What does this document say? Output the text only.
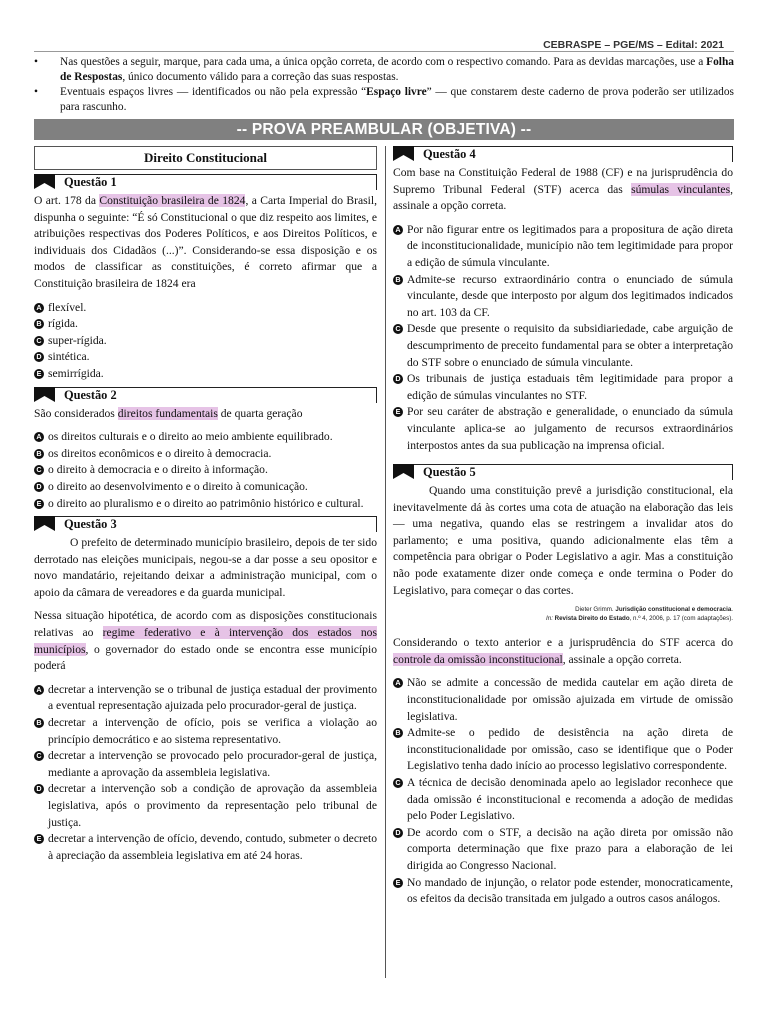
CEBRASPE – PGE/MS – Edital: 2021
• Nas questões a seguir, marque, para cada uma, a única opção correta, de acordo com o respectivo comando. Para as devidas marcações, use a Folha de Respostas, único documento válido para a correção das suas respostas.
• Eventuais espaços livres — identificados ou não pela expressão “Espaço livre” — que constarem deste caderno de prova poderão ser utilizados para rascunho.
-- PROVA PREAMBULAR (OBJETIVA) --
Direito Constitucional
Questão 1

O art. 178 da Constituição brasileira de 1824, a Carta Imperial do Brasil, dispunha o seguinte: “É só Constitucional o que diz respeito aos limites, e atribuições respectivas dos Poderes Políticos, e aos Direitos Políticos, e individuais dos Cidadãos (...)”. Considerando-se essa disposição e os modos de classificar as constituições, é correto afirmar que a Constituição brasileira de 1824 era

A flexível.
B rígida.
C super-rígida.
D sintética.
E semirrígida.
Questão 2

São considerados direitos fundamentais de quarta geração

A os direitos culturais e o direito ao meio ambiente equilibrado.
B os direitos econômicos e o direito à democracia.
C o direito à democracia e o direito à informação.
D o direito ao desenvolvimento e o direito à comunicação.
E o direito ao pluralismo e o direito ao patrimônio histórico e cultural.
Questão 3

O prefeito de determinado município brasileiro, depois de ter sido derrotado nas eleições municipais, negou-se a dar posse a seu opositor e novo mandatário, rejeitando deixar a administração municipal, com o apoio da câmara de vereadores e da guarda municipal.

Nessa situação hipotética, de acordo com as disposições constitucionais relativas ao regime federativo e à intervenção dos estados nos municípios, o governador do estado onde se encontra esse município poderá

A decretar a intervenção se o tribunal de justiça estadual der provimento a eventual representação ajuizada pelo procurador-geral de justiça.
B decretar a intervenção de ofício, pois se verifica a violação ao princípio democrático e ao sistema representativo.
C decretar a intervenção se provocado pelo procurador-geral de justiça, mediante a aprovação da assembleia legislativa.
D decretar a intervenção sob a condição de aprovação da assembleia legislativa, após o provimento da representação pelo tribunal de justiça.
E decretar a intervenção de ofício, devendo, contudo, submeter o decreto à apreciação da assembleia legislativa em até 24 horas.
Questão 4

Com base na Constituição Federal de 1988 (CF) e na jurisprudência do Supremo Tribunal Federal (STF) acerca das súmulas vinculantes, assinale a opção correta.

A Por não figurar entre os legitimados para a propositura de ação direta de inconstitucionalidade, município não tem legitimidade para propor a edição de súmula vinculante.
B Admite-se recurso extraordinário contra o enunciado de súmula vinculante, desde que interposto por algum dos legitimados indicados no art. 103 da CF.
C Desde que presente o requisito da subsidiariedade, cabe arguição de descumprimento de preceito fundamental para se obter a interpretação do STF sobre o enunciado de súmula vinculante.
D Os tribunais de justiça estaduais têm legitimidade para propor a edição de súmulas vinculantes no STF.
E Por seu caráter de abstração e generalidade, o enunciado da súmula vinculante aplica-se ao julgamento de recursos extraordinários interpostos antes da sua publicação na imprensa oficial.
Questão 5

Quando uma constituição prevê a jurisdição constitucional, ela inevitavelmente dá às cortes uma cota de atuação na elaboração das leis — uma negativa, quando elas se restringem a invalidar atos do parlamento; e uma positiva, quando adicionalmente elas têm a competência para obrigar o Poder Legislativo a agir. Mas a constituição não pode exatamente dizer onde começa e onde termina o Poder do Legislativo, para começar o das cortes.

Dieter Grimm. Jurisdição constitucional e democracia.
In: Revista Direito do Estado, n.º 4, 2006, p. 17 (com adaptações).

Considerando o texto anterior e a jurisprudência do STF acerca do controle da omissão inconstitucional, assinale a opção correta.

A Não se admite a concessão de medida cautelar em ação direta de inconstitucionalidade por omissão ajuizada em virtude de omissão legislativa.
B Admite-se o pedido de desistência na ação direta de inconstitucionalidade por omissão, caso se identifique que o Poder Legislativo tenha dado início ao processo legislativo correspondente.
C A técnica de decisão denominada apelo ao legislador reconhece que dada omissão é inconstitucional e recomenda a adoção de medidas pelo Poder Legislativo.
D De acordo com o STF, a decisão na ação direta por omissão não comporta determinação que fixe prazo para a elaboração de lei dirigida ao Congresso Nacional.
E No mandado de injunção, o relator pode estender, monocraticamente, os efeitos da decisão transitada em julgado a outros casos análogos.
